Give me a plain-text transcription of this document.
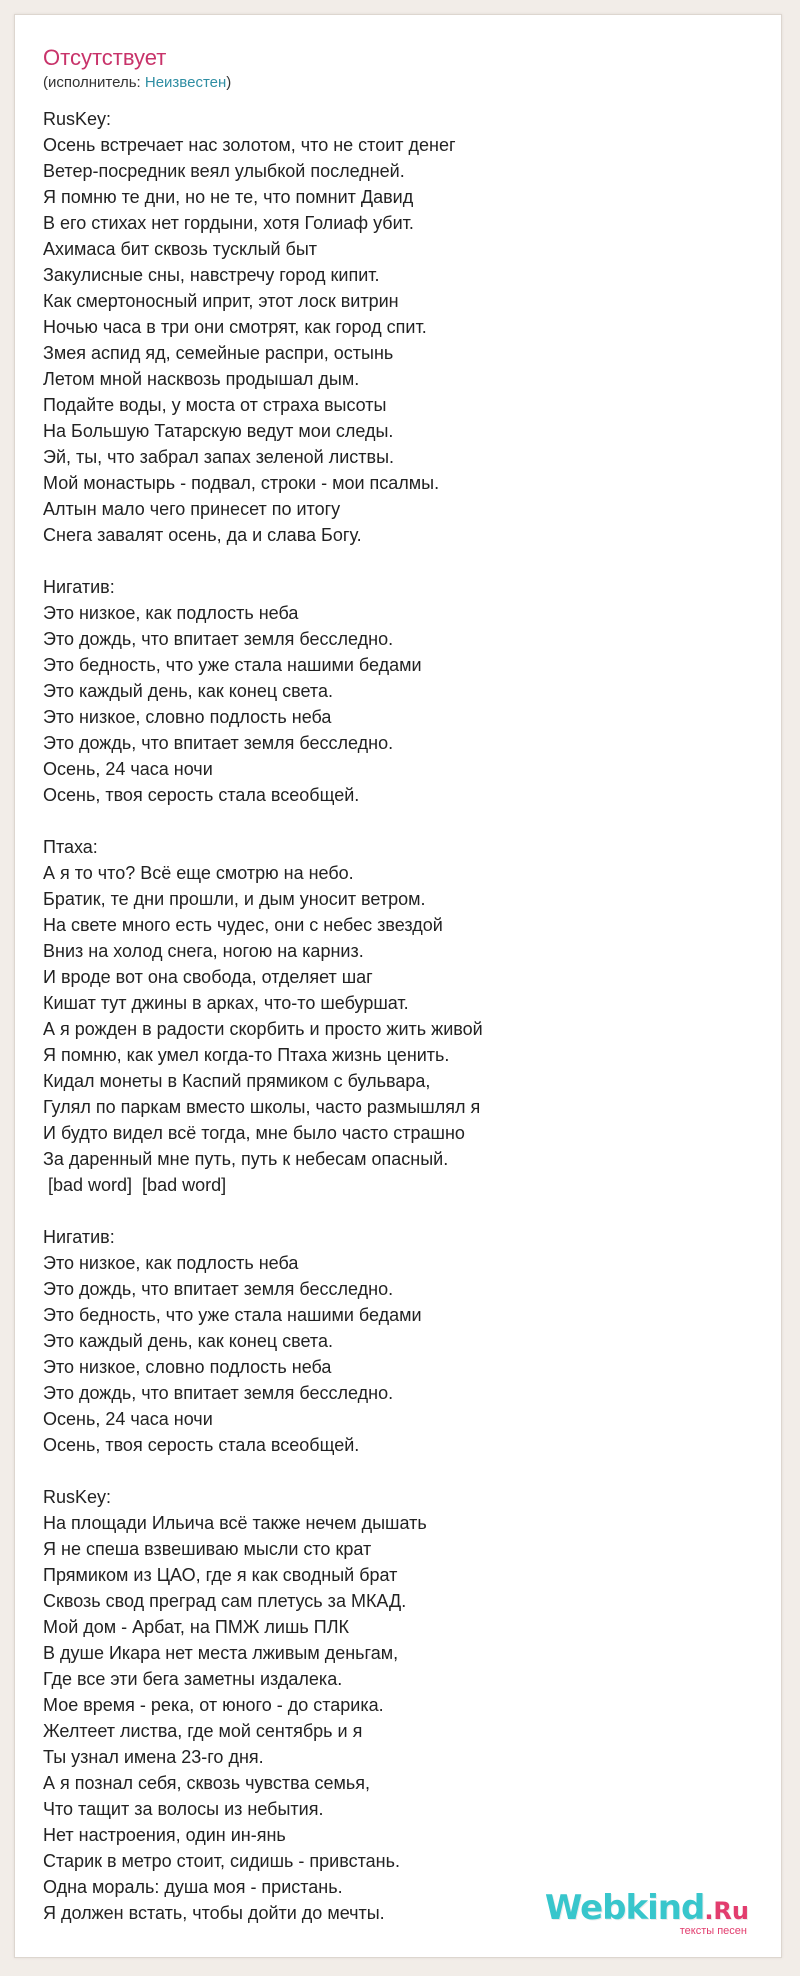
Отсутствует
(исполнитель: Неизвестен)
RusKey:
Осень встречает нас золотом, что не стоит денег
Ветер-посредник веял улыбкой последней.
Я помню те дни, но не те, что помнит Давид
В его стихах нет гордыни, хотя Голиаф убит.
Ахимаса бит сквозь тусклый быт
Закулисные сны, навстречу город кипит.
Как смертоносный иприт, этот лоск витрин
Ночью часа в три они смотрят, как город спит.
Змея аспид яд, семейные распри, остынь
Летом мной насквозь продышал дым.
Подайте воды, у моста от страха высоты
На Большую Татарскую ведут мои следы.
Эй, ты, что забрал запах зеленой листвы.
Мой монастырь - подвал, строки - мои псалмы.
Алтын мало чего принесет по итогу
Снега завалят осень, да и слава Богу.
Нигатив:
Это низкое, как подлость неба
Это дождь, что впитает земля бесследно.
Это бедность, что уже стала нашими бедами
Это каждый день, как конец света.
Это низкое, словно подлость неба
Это дождь, что впитает земля бесследно.
Осень, 24 часа ночи
Осень, твоя серость стала всеобщей.
Птаха:
А я то что? Всё еще смотрю на небо.
Братик, те дни прошли, и дым уносит ветром.
На свете много есть чудес, они с небес звездой
Вниз на холод снега, ногою на карниз.
И вроде вот она свобода, отделяет шаг
Кишат тут джины в арках, что-то шебуршат.
А я рожден в радости скорбить и просто жить живой
Я помню, как умел когда-то Птаха жизнь ценить.
Кидал монеты в Каспий прямиком с бульвара,
Гулял по паркам вместо школы, часто размышлял я
И будто видел всё тогда, мне было часто страшно
За даренный мне путь, путь к небесам опасный.
[bad word]  [bad word]
Нигатив:
Это низкое, как подлость неба
Это дождь, что впитает земля бесследно.
Это бедность, что уже стала нашими бедами
Это каждый день, как конец света.
Это низкое, словно подлость неба
Это дождь, что впитает земля бесследно.
Осень, 24 часа ночи
Осень, твоя серость стала всеобщей.
RusKey:
На площади Ильича всё также нечем дышать
Я не спеша взвешиваю мысли сто крат
Прямиком из ЦАО, где я как сводный брат
Сквозь свод преград сам плетусь за МКАД.
Мой дом - Арбат, на ПМЖ лишь ПЛК
В душе Икара нет места лживым деньгам,
Где все эти бега заметны издалека.
Мое время - река, от юного - до старика.
Желтеет листва, где мой сентябрь и я
Ты узнал имена 23-го дня.
А я познал себя, сквозь чувства семья,
Что тащит за волосы из небытия.
Нет настроения, один ин-янь
Старик в метро стоит, сидишь - привстань.
Одна мораль: душа моя - пристань.
Я должен встать, чтобы дойти до мечты.	Webkind.Ru
тексты песен
